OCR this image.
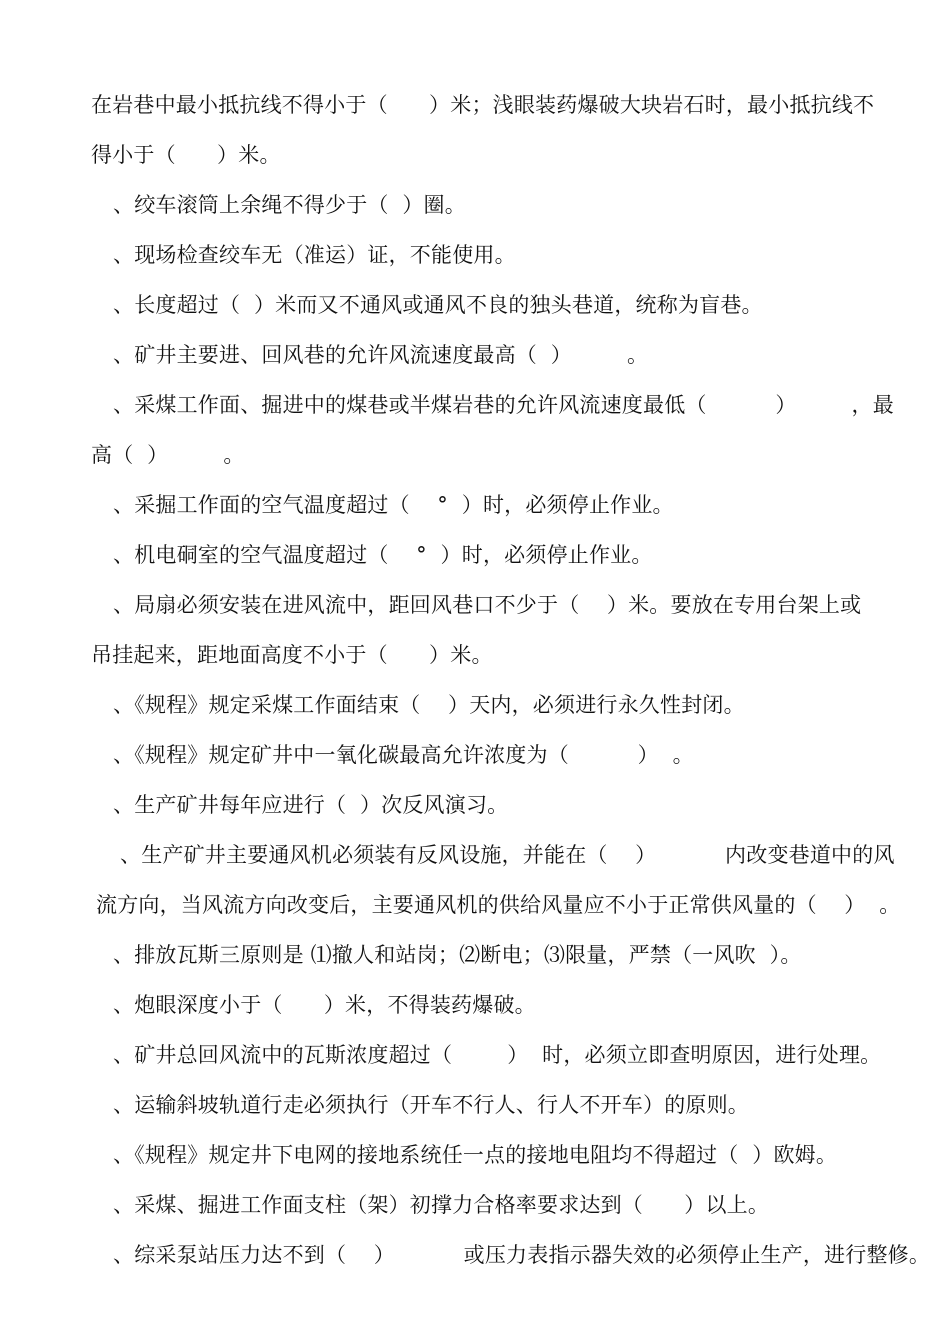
在岩巷中最小抵抗线不得小于（      ）米；浅眼装药爆破大块岩石时，最小抵抗线不
得小于（      ）米。
、绞车滚筒上余绳不得少于（  ）圈。
、现场检查绞车无（准运）证，不能使用。
、长度超过（  ）米而又不通风或通风不良的独头巷道，统称为盲巷。
、矿井主要进、回风巷的允许风流速度最高（  ）        。
、采煤工作面、掘进中的煤巷或半煤岩巷的允许风流速度最低（          ）        ，最
高（  ）        。
、采掘工作面的空气温度超过（    °  ）时，必须停止作业。
、机电硐室的空气温度超过（    °  ）时，必须停止作业。
、局扇必须安装在进风流中，距回风巷口不少于（    ）米。要放在专用台架上或
吊挂起来，距地面高度不小于（      ）米。
、《规程》规定采煤工作面结束（    ）天内，必须进行永久性封闭。
、《规程》规定矿井中一氧化碳最高允许浓度为（          ）  。
、生产矿井每年应进行（  ）次反风演习。
、生产矿井主要通风机必须装有反风设施，并能在（    ）          内改变巷道中的风
流方向，当风流方向改变后，主要通风机的供给风量应不小于正常供风量的（    ）  。
、排放瓦斯三原则是 ⑴撤人和站岗；⑵断电；⑶限量，严禁（一风吹  ）。
、炮眼深度小于（      ）米，不得装药爆破。
、矿井总回风流中的瓦斯浓度超过（        ）  时，必须立即查明原因，进行处理。
、运输斜坡轨道行走必须执行（开车不行人、行人不开车）的原则。
、《规程》规定井下电网的接地系统任一点的接地电阻均不得超过（  ）欧姆。
、采煤、掘进工作面支柱（架）初撑力合格率要求达到（      ）以上。
、综采泵站压力达不到（    ）          或压力表指示器失效的必须停止生产，进行整修。
